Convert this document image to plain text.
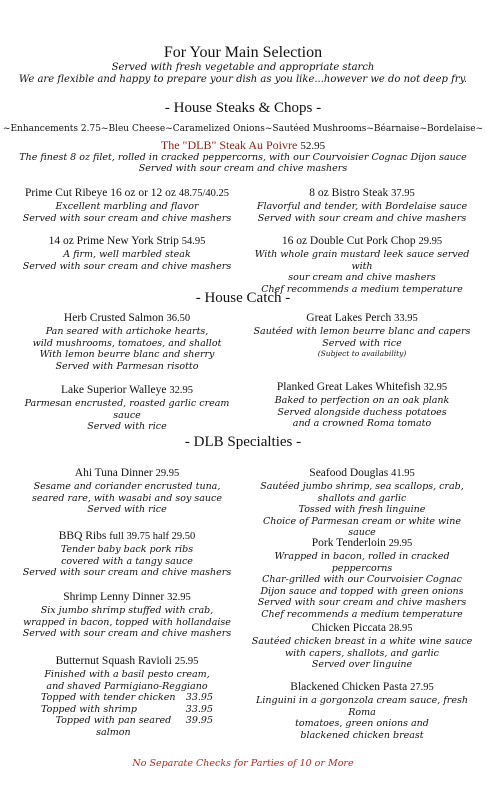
For Your Main Selection
Served with fresh vegetable and appropriate starch
We are flexible and happy to prepare your dish as you like...however we do not deep fry.
- House Steaks & Chops -
~Enhancements 2.75~Bleu Cheese~Caramelized Onions~Sautéed Mushrooms~Béarnaise~Bordelaise~
The "DLB" Steak Au Poivre 52.95
The finest 8 oz filet, rolled in cracked peppercorns, with our Courvoisier Cognac Dijon sauce
Served with sour cream and chive mashers
Prime Cut Ribeye 16 oz or 12 oz 48.75/40.25
Excellent marbling and flavor
Served with sour cream and chive mashers
14 oz Prime New York Strip 54.95
A firm, well marbled steak
Served with sour cream and chive mashers
8 oz Bistro Steak 37.95
Flavorful and tender, with Bordelaise sauce
Served with sour cream and chive mashers
16 oz Double Cut Pork Chop 29.95
With whole grain mustard leek sauce served with
sour cream and chive mashers
Chef recommends a medium temperature
- House Catch -
Herb Crusted Salmon 36.50
Pan seared with artichoke hearts,
wild mushrooms, tomatoes, and shallot
With lemon beurre blanc and sherry
Served with Parmesan risotto
Lake Superior Walleye 32.95
Parmesan encrusted, roasted garlic cream sauce
Served with rice
Great Lakes Perch 33.95
Sautéed with lemon beurre blanc and capers
Served with rice
(Subject to availability)
Planked Great Lakes Whitefish 32.95
Baked to perfection on an oak plank
Served alongside duchess potatoes
and a crowned Roma tomato
- DLB Specialties -
Ahi Tuna Dinner 29.95
Sesame and coriander encrusted tuna,
seared rare, with wasabi and soy sauce
Served with rice
BBQ Ribs full 39.75 half 29.50
Tender baby back pork ribs
covered with a tangy sauce
Served with sour cream and chive mashers
Shrimp Lenny Dinner 32.95
Six jumbo shrimp stuffed with crab,
wrapped in bacon, topped with hollandaise
Served with sour cream and chive mashers
Butternut Squash Ravioli 25.95
Finished with a basil pesto cream,
and shaved Parmigiano-Reggiano
Topped with tender chicken 33.95
Topped with shrimp	33.95
Topped with pan seared salmon
39.95
Seafood Douglas 41.95
Sautéed jumbo shrimp, sea scallops, crab,
shallots and garlic
Tossed with fresh linguine
Choice of Parmesan cream or white wine sauce
Pork Tenderloin 29.95
Wrapped in bacon, rolled in cracked peppercorns
Char-grilled with our Courvoisier Cognac
Dijon sauce and topped with green onions
Served with sour cream and chive mashers
Chef recommends a medium temperature
Chicken Piccata 28.95
Sautéed chicken breast in a white wine sauce
with capers, shallots, and garlic
Served over linguine
Blackened Chicken Pasta 27.95
Linguini in a gorgonzola cream sauce, fresh Roma
tomatoes, green onions and
blackened chicken breast
No Separate Checks for Parties of 10 or More
